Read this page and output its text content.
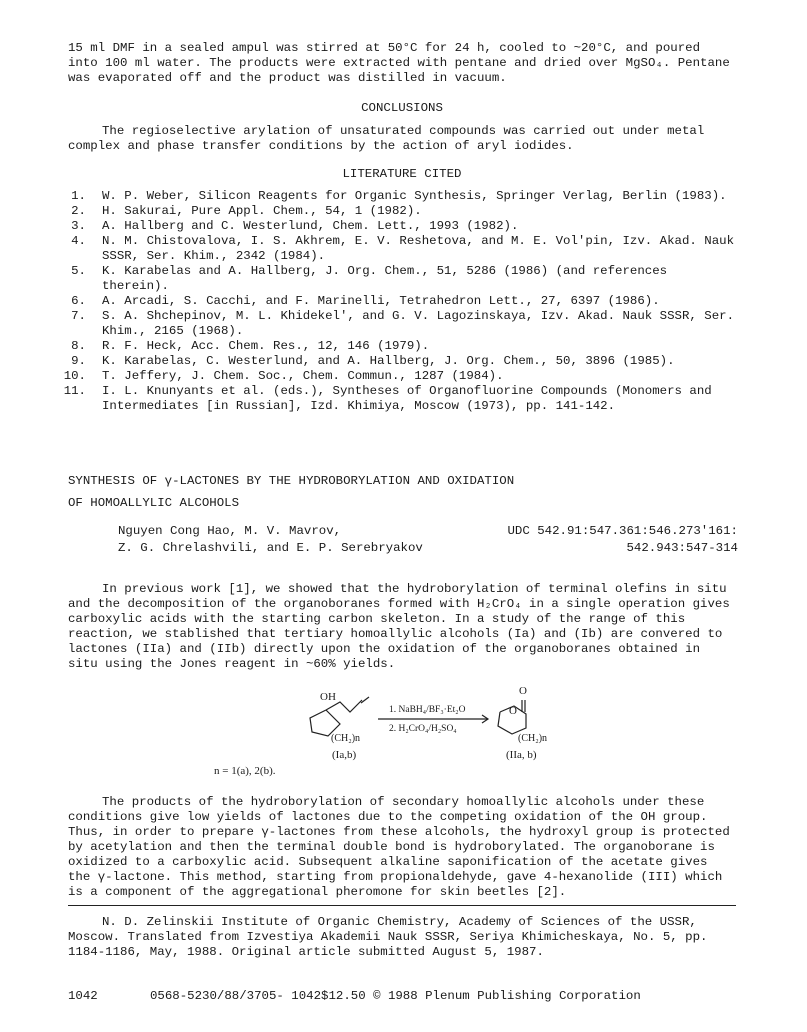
15 ml DMF in a sealed ampul was stirred at 50°C for 24 h, cooled to ~20°C, and poured into 100 ml water. The products were extracted with pentane and dried over MgSO₄. Pentane was evaporated off and the product was distilled in vacuum.

CONCLUSIONS

The regioselective arylation of unsaturated compounds was carried out under metal complex and phase transfer conditions by the action of aryl iodides.

LITERATURE CITED
1. W. P. Weber, Silicon Reagents for Organic Synthesis, Springer Verlag, Berlin (1983).
2. H. Sakurai, Pure Appl. Chem., 54, 1 (1982).
3. A. Hallberg and C. Westerlund, Chem. Lett., 1993 (1982).
4. N. M. Chistovalova, I. S. Akhrem, E. V. Reshetova, and M. E. Vol'pin, Izv. Akad. Nauk SSSR, Ser. Khim., 2342 (1984).
5. K. Karabelas and A. Hallberg, J. Org. Chem., 51, 5286 (1986) (and references therein).
6. A. Arcadi, S. Cacchi, and F. Marinelli, Tetrahedron Lett., 27, 6397 (1986).
7. S. A. Shchepinov, M. L. Khidekel', and G. V. Lagozinskaya, Izv. Akad. Nauk SSSR, Ser. Khim., 2165 (1968).
8. R. F. Heck, Acc. Chem. Res., 12, 146 (1979).
9. K. Karabelas, C. Westerlund, and A. Hallberg, J. Org. Chem., 50, 3896 (1985).
10. T. Jeffery, J. Chem. Soc., Chem. Commun., 1287 (1984).
11. I. L. Knunyants et al. (eds.), Syntheses of Organofluorine Compounds (Monomers and Intermediates [in Russian], Izd. Khimiya, Moscow (1973), pp. 141-142.
SYNTHESIS OF γ-LACTONES BY THE HYDROBORYLATION AND OXIDATION
OF HOMOALLYLIC ALCOHOLS
Nguyen Cong Hao, M. V. Mavrov,
Z. G. Chrelashvili, and E. P. Serebryakov
UDC 542.91:547.361:546.273'161:
542.943:547-314

In previous work [1], we showed that the hydroborylation of terminal olefins in situ and the decomposition of the organoboranes formed with H₂CrO₄ in a single operation gives carboxylic acids with the starting carbon skeleton. In a study of the range of this reaction, we stablished that tertiary homoallylic alcohols (Ia) and (Ib) are convered to lactones (IIa) and (IIb) directly upon the oxidation of the organoboranes obtained in situ using the Jones reagent in ~60% yields.

OH
1. NaBH₄/BF₃·Et₂O
2. H₂CrO₄/H₂SO₄
(CH₂)n	(CH₂)n
(Ia,b)	(IIa, b)
O
O
n = 1(a), 2(b).

The products of the hydroborylation of secondary homoallylic alcohols under these conditions give low yields of lactones due to the competing oxidation of the OH group. Thus, in order to prepare γ-lactones from these alcohols, the hydroxyl group is protected by acetylation and then the terminal double bond is hydroborylated. The organoborane is oxidized to a carboxylic acid. Subsequent alkaline saponification of the acetate gives the γ-lactone. This method, starting from propionaldehyde, gave 4-hexanolide (III) which is a component of the aggregational pheromone for skin beetles [2].

N. D. Zelinskii Institute of Organic Chemistry, Academy of Sciences of the USSR, Moscow. Translated from Izvestiya Akademii Nauk SSSR, Seriya Khimicheskaya, No. 5, pp. 1184-1186, May, 1988. Original article submitted August 5, 1987.

1042	0568-5230/88/3705- 1042$12.50 © 1988 Plenum Publishing Corporation
